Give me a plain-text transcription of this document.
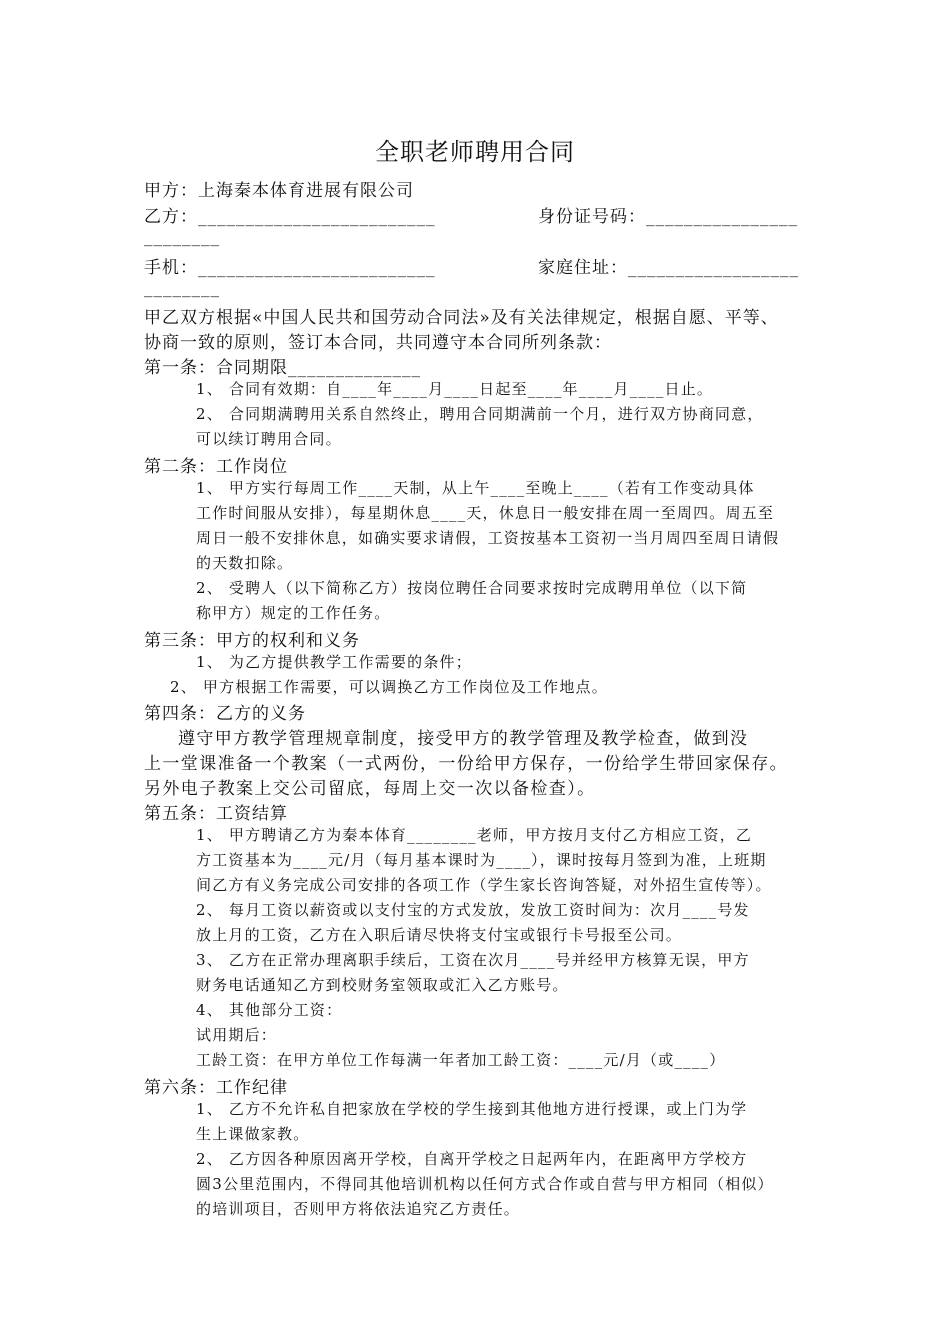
全职老师聘用合同
甲方：上海秦本体育进展有限公司
乙方：_________________________	身份证号码：________________
________
手机：_________________________	家庭住址：__________________
________
甲乙双方根据«中国人民共和国劳动合同法»及有关法律规定，根据自愿、平等、
协商一致的原则，签订本合同，共同遵守本合同所列条款：
第一条：合同期限______________
1、 合同有效期：自____年____月____日起至____年____月____日止。
2、 合同期满聘用关系自然终止，聘用合同期满前一个月，进行双方协商同意，
可以续订聘用合同。
第二条：工作岗位
1、 甲方实行每周工作____天制，从上午____至晚上____（若有工作变动具体
工作时间服从安排），每星期休息____天，休息日一般安排在周一至周四。周五至
周日一般不安排休息，如确实要求请假，工资按基本工资初一当月周四至周日请假
的天数扣除。
2、 受聘人（以下简称乙方）按岗位聘任合同要求按时完成聘用单位（以下简
称甲方）规定的工作任务。
第三条：甲方的权利和义务
1、 为乙方提供教学工作需要的条件；
2、 甲方根据工作需要，可以调换乙方工作岗位及工作地点。
第四条：乙方的义务
遵守甲方教学管理规章制度，接受甲方的教学管理及教学检查，做到没
上一堂课准备一个教案（一式两份，一份给甲方保存，一份给学生带回家保存。
另外电子教案上交公司留底，每周上交一次以备检查）。
第五条：工资结算
1、 甲方聘请乙方为秦本体育________老师，甲方按月支付乙方相应工资，乙
方工资基本为____元/月（每月基本课时为____），课时按每月签到为准，上班期
间乙方有义务完成公司安排的各项工作（学生家长咨询答疑，对外招生宣传等）。
2、 每月工资以薪资或以支付宝的方式发放，发放工资时间为：次月____号发
放上月的工资，乙方在入职后请尽快将支付宝或银行卡号报至公司。
3、 乙方在正常办理离职手续后，工资在次月____号并经甲方核算无误，甲方
财务电话通知乙方到校财务室领取或汇入乙方账号。
4、 其他部分工资：
试用期后：
工龄工资：在甲方单位工作每满一年者加工龄工资：____元/月（或____）
第六条：工作纪律
1、 乙方不允许私自把家放在学校的学生接到其他地方进行授课，或上门为学
生上课做家教。
2、 乙方因各种原因离开学校，自离开学校之日起两年内，在距离甲方学校方
圆3公里范围内，不得同其他培训机构以任何方式合作或自营与甲方相同（相似）
的培训项目，否则甲方将依法追究乙方责任。
